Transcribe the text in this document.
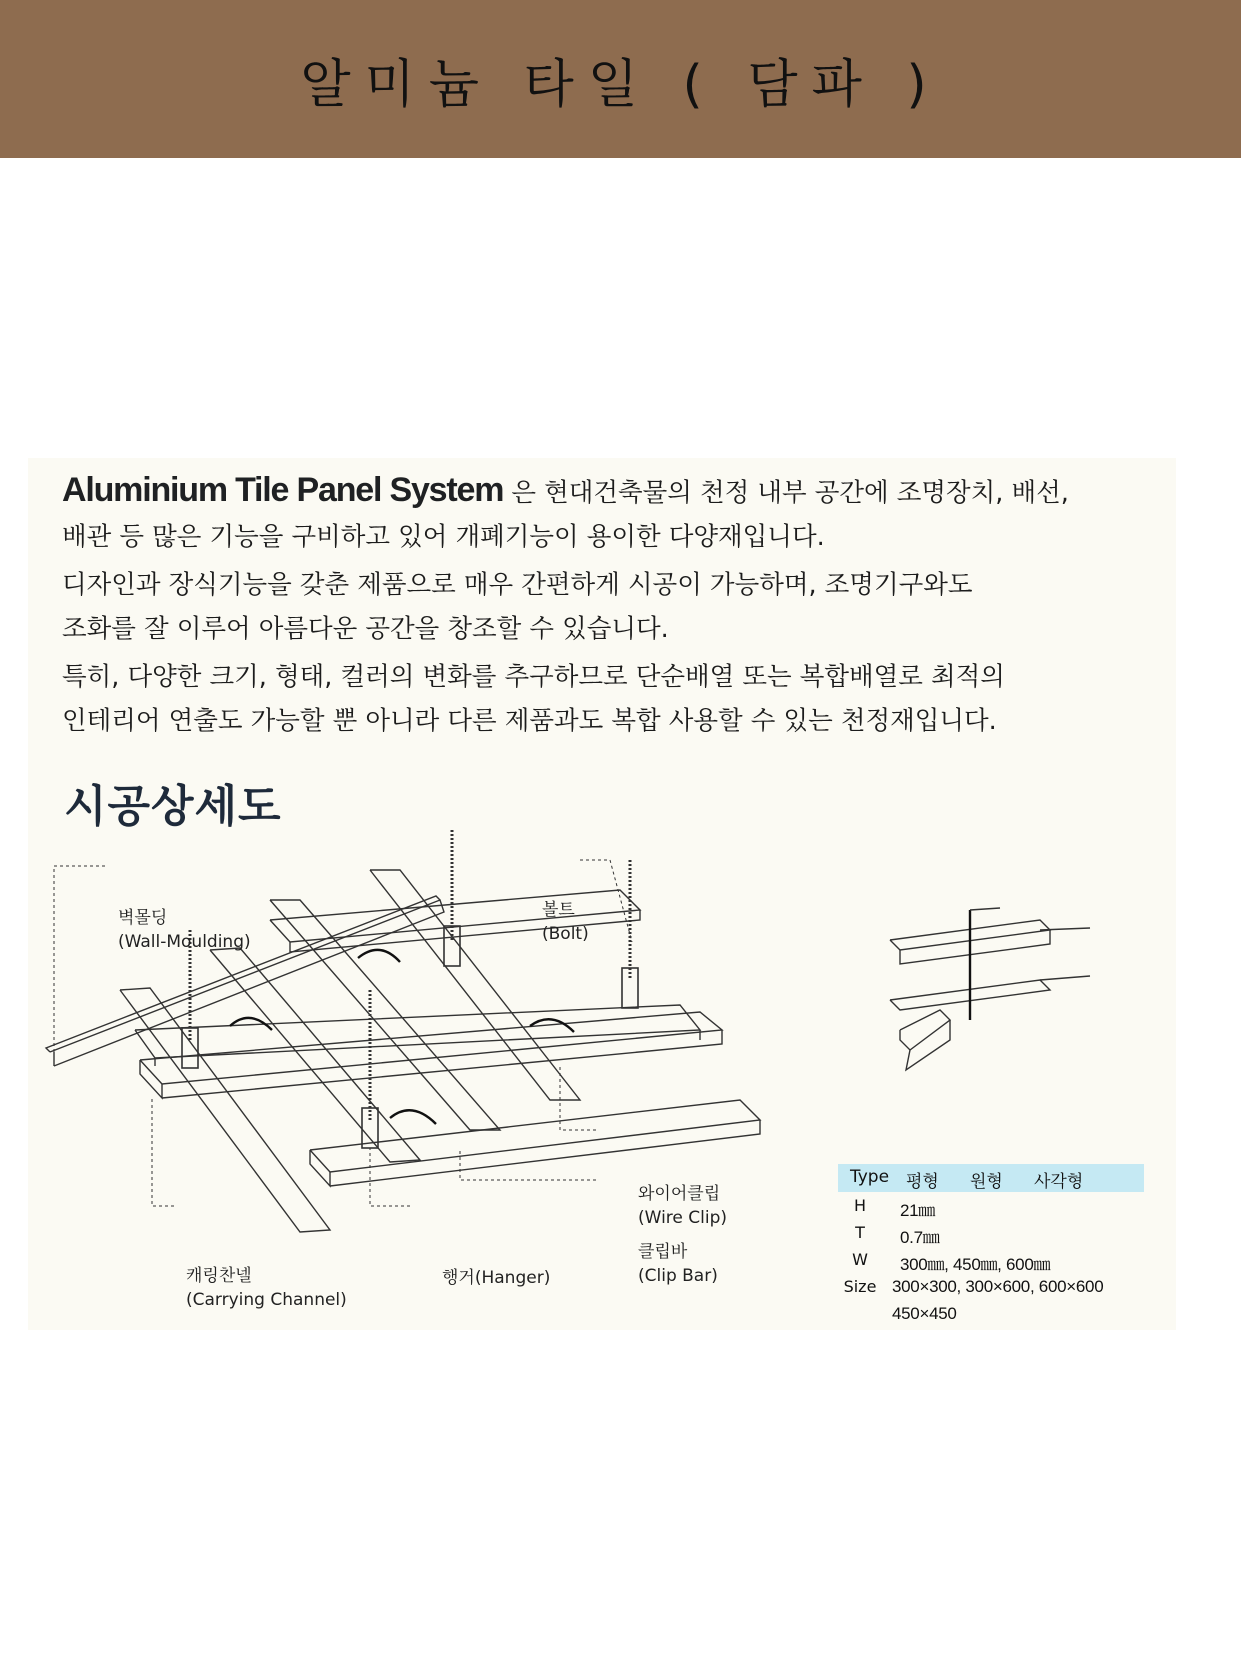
알미늄 타일 ( 담파 )

Aluminium Tile Panel System 은 현대건축물의 천정 내부 공간에 조명장치, 배선,

배관 등 많은 기능을 구비하고 있어 개폐기능이 용이한 다양재입니다.

디자인과 장식기능을 갖춘 제품으로 매우 간편하게 시공이 가능하며, 조명기구와도

조화를 잘 이루어 아름다운 공간을 창조할 수 있습니다.

특히, 다양한 크기, 형태, 컬러의 변화를 추구하므로 단순배열 또는 복합배열로 최적의

인테리어 연출도 가능할 뿐 아니라 다른 제품과도 복합 사용할 수 있는 천정재입니다.

시공상세도
벽몰딩
(Wall-Moulding)
볼트
(Bolt)
와이어클립
(Wire Clip)
클립바
(Clip Bar)
캐링찬넬
(Carrying Channel)
행거(Hanger)
Type 평형 원형 사각형
H	21㎜
T	0.7㎜
W	300㎜, 450㎜, 600㎜
Size 300×300, 300×600, 600×600
450×450
